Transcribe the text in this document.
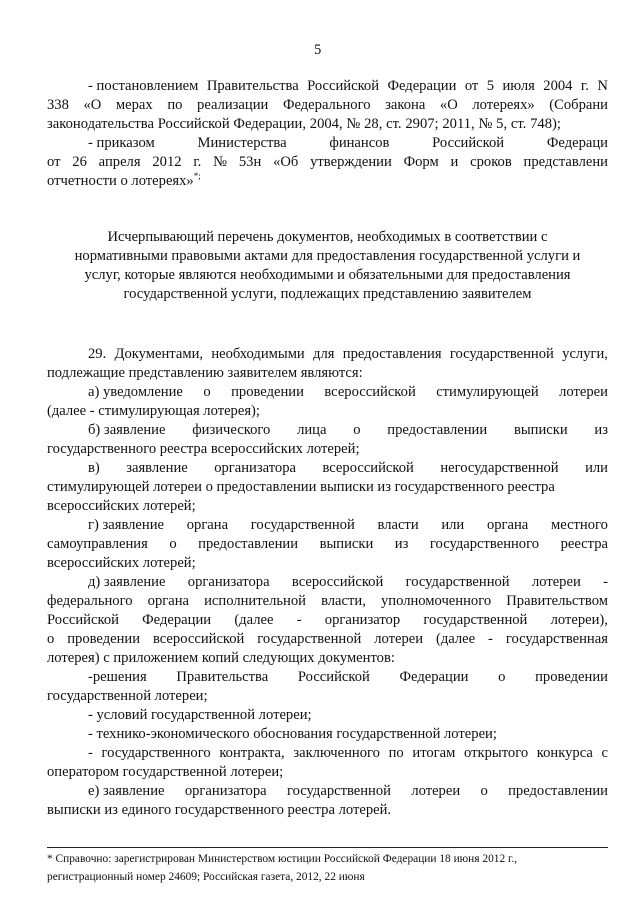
5
- постановлением Правительства Российской Федерации от 5 июля 2004 г. N
338 «О мерах по реализации Федерального закона «О лотереях» (Собрани
законодательства Российской Федерации, 2004, № 28, ст. 2907; 2011, № 5, ст. 748);
- приказом	Министерства	финансов	Российской	Федераци
от 26 апреля 2012 г. № 53н «Об утверждении Форм и сроков представлени
отчетности о лотереях»*;
Исчерпывающий перечень документов, необходимых в соответствии с
нормативными правовыми актами для предоставления государственной услуги и
услуг, которые являются необходимыми и обязательными для предоставления
государственной услуги, подлежащих представлению заявителем
29. Документами, необходимыми для предоставления государственной услуги,
подлежащие представлению заявителем являются:
а) уведомление о проведении всероссийской стимулирующей лотереи
(далее - стимулирующая лотерея);
б) заявление физического лица о предоставлении выписки из
государственного реестра всероссийских лотерей;
в) заявление организатора всероссийской негосударственной или
стимулирующей лотереи о предоставлении выписки из государственного реестра
всероссийских лотерей;
г) заявление органа государственной власти или органа местного
самоуправления о предоставлении выписки из государственного реестра
всероссийских лотерей;
д) заявление организатора всероссийской государственной лотереи -
федерального органа исполнительной власти, уполномоченного Правительством
Российской Федерации (далее - организатор государственной лотереи),
о проведении всероссийской государственной лотереи (далее - государственная
лотерея) с приложением копий следующих документов:
-решения Правительства Российской Федерации о проведении
государственной лотереи;
- условий государственной лотереи;
- технико-экономического обоснования государственной лотереи;
- государственного контракта, заключенного по итогам открытого конкурса с
оператором государственной лотереи;
е) заявление организатора государственной лотереи о предоставлении
выписки из единого государственного реестра лотерей.
* Справочно: зарегистрирован Министерством юстиции Российской Федерации 18 июня 2012 г.,
регистрационный номер 24609; Российская газета, 2012, 22 июня
